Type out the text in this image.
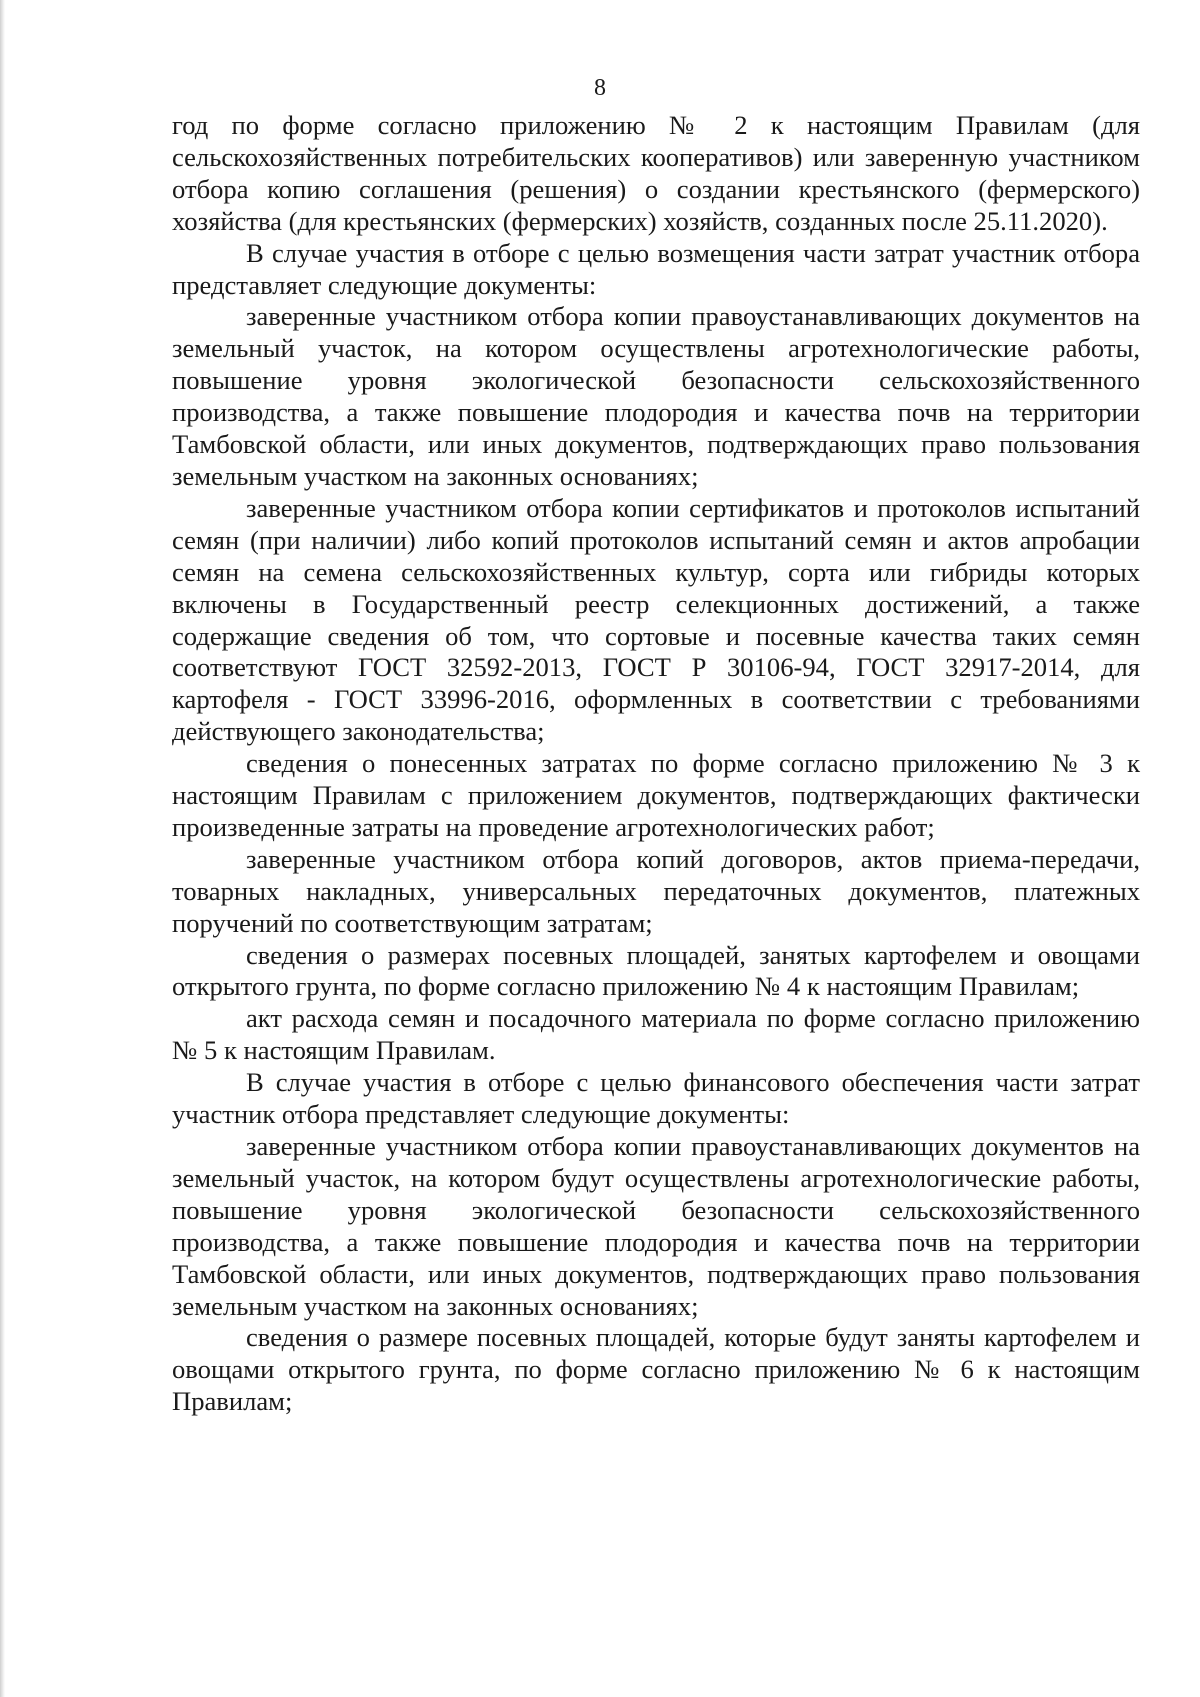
8

год по форме согласно приложению № 2 к настоящим Правилам (для сельскохозяйственных потребительских кооперативов) или заверенную участником отбора копию соглашения (решения) о создании крестьянского (фермерского) хозяйства (для крестьянских (фермерских) хозяйств, созданных после 25.11.2020).

В случае участия в отборе с целью возмещения части затрат участник отбора представляет следующие документы:

заверенные участником отбора копии правоустанавливающих документов на земельный участок, на котором осуществлены агротехнологические работы, повышение уровня экологической безопасности сельскохозяйственного производства, а также повышение плодородия и качества почв на территории Тамбовской области, или иных документов, подтверждающих право пользования земельным участком на законных основаниях;

заверенные участником отбора копии сертификатов и протоколов испытаний семян (при наличии) либо копий протоколов испытаний семян и актов апробации семян на семена сельскохозяйственных культур, сорта или гибриды которых включены в Государственный реестр селекционных достижений, а также содержащие сведения об том, что сортовые и посевные качества таких семян соответствуют ГОСТ 32592-2013, ГОСТ Р 30106-94, ГОСТ 32917-2014, для картофеля - ГОСТ 33996-2016, оформленных в соответствии с требованиями действующего законодательства;

сведения о понесенных затратах по форме согласно приложению № 3 к настоящим Правилам с приложением документов, подтверждающих фактически произведенные затраты на проведение агротехнологических работ;

заверенные участником отбора копий договоров, актов приема-передачи, товарных накладных, универсальных передаточных документов, платежных поручений по соответствующим затратам;

сведения о размерах посевных площадей, занятых картофелем и овощами открытого грунта, по форме согласно приложению № 4 к настоящим Правилам;

акт расхода семян и посадочного материала по форме согласно приложению № 5 к настоящим Правилам.

В случае участия в отборе с целью финансового обеспечения части затрат участник отбора представляет следующие документы:

заверенные участником отбора копии правоустанавливающих документов на земельный участок, на котором будут осуществлены агротехнологические работы, повышение уровня экологической безопасности сельскохозяйственного производства, а также повышение плодородия и качества почв на территории Тамбовской области, или иных документов, подтверждающих право пользования земельным участком на законных основаниях;

сведения о размере посевных площадей, которые будут заняты картофелем и овощами открытого грунта, по форме согласно приложению № 6 к настоящим Правилам;
